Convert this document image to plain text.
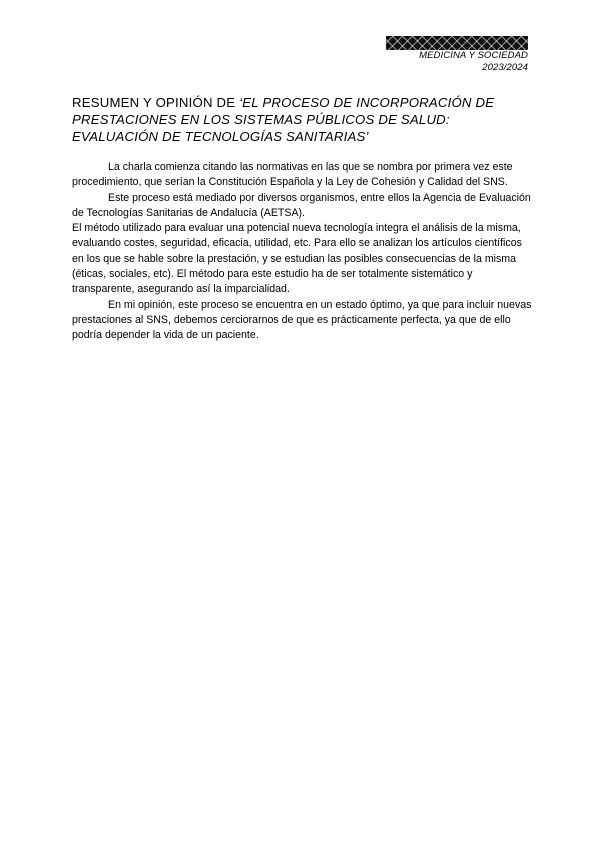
MEDICINA Y SOCIEDAD
2023/2024
RESUMEN Y OPINIÓN DE ‘EL PROCESO DE INCORPORACIÓN DE PRESTACIONES EN LOS SISTEMAS PÚBLICOS DE SALUD: EVALUACIÓN DE TECNOLOGÍAS SANITARIAS’

La charla comienza citando las normativas en las que se nombra por primera vez este procedimiento, que serían la Constitución Española y la Ley de Cohesión y Calidad del SNS.

Este proceso está mediado por diversos organismos, entre ellos la Agencia de Evaluación de Tecnologías Sanitarias de Andalucía (AETSA).

El método utilizado para evaluar una potencial nueva tecnología integra el análisis de la misma, evaluando costes, seguridad, eficacia, utilidad, etc. Para ello se analizan los artículos científicos en los que se hable sobre la prestación, y se estudian las posibles consecuencias de la misma (éticas, sociales, etc). El método para este estudio ha de ser totalmente sistemático y transparente, asegurando así la imparcialidad.

En mi opinión, este proceso se encuentra en un estado óptimo, ya que para incluir nuevas prestaciones al SNS, debemos cerciorarnos de que es prácticamente perfecta, ya que de ello podría depender la vida de un paciente.
